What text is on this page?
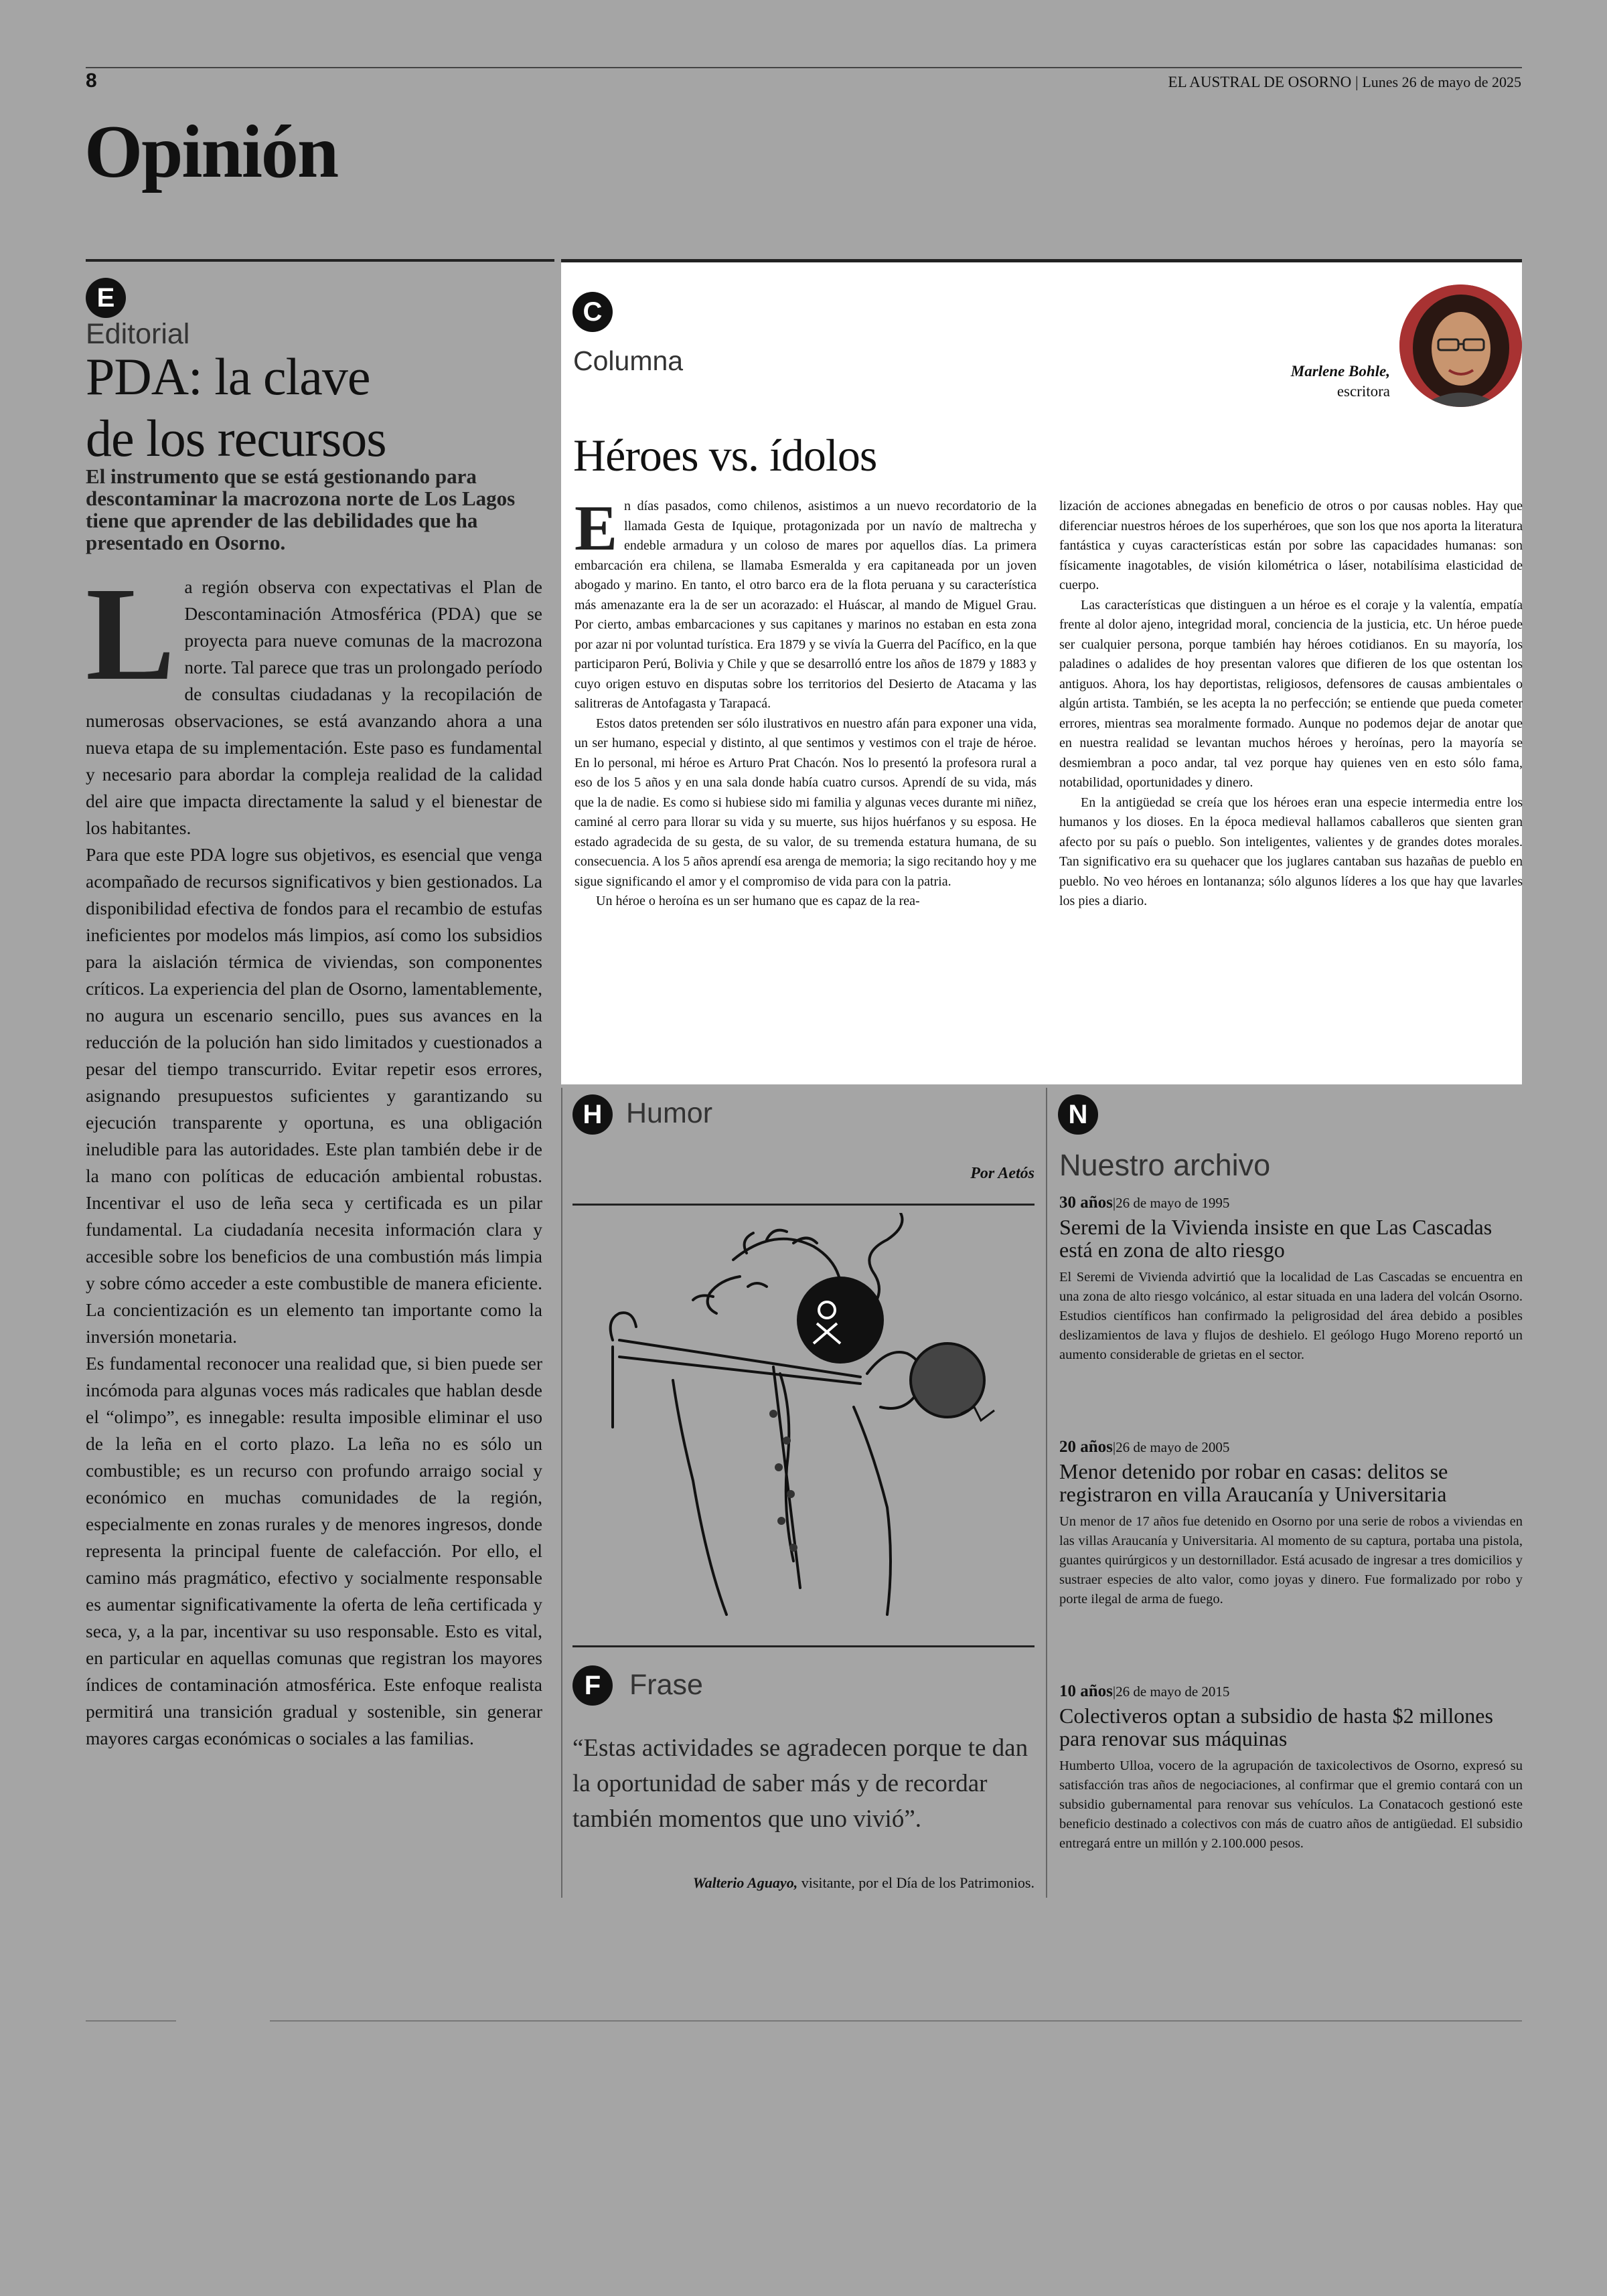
8	EL AUSTRAL DE OSORNO | Lunes 26 de mayo de 2025
Opinión
E
Editorial
PDA: la clave
de los recursos
El instrumento que se está gestionando para descontaminar la macrozona norte de Los Lagos tiene que aprender de las debilidades que ha presentado en Osorno.
L a región observa con expectativas el Plan de Descontaminación Atmosférica (PDA) que se proyecta para nueve comunas de la macrozona norte. Tal parece que tras un prolongado período de consultas ciudadanas y la recopilación de numerosas observaciones, se está avanzando ahora a una nueva etapa de su implementación. Este paso es fundamental y necesario para abordar la compleja realidad de la calidad del aire que impacta directamente la salud y el bienestar de los habitantes.

Para que este PDA logre sus objetivos, es esencial que venga acompañado de recursos significativos y bien gestionados. La disponibilidad efectiva de fondos para el recambio de estufas ineficientes por modelos más limpios, así como los subsidios para la aislación térmica de viviendas, son componentes críticos. La experiencia del plan de Osorno, lamentablemente, no augura un escenario sencillo, pues sus avances en la reducción de la polución han sido limitados y cuestionados a pesar del tiempo transcurrido. Evitar repetir esos errores, asignando presupuestos suficientes y garantizando su ejecución transparente y oportuna, es una obligación ineludible para las autoridades. Este plan también debe ir de la mano con políticas de educación ambiental robustas. Incentivar el uso de leña seca y certificada es un pilar fundamental. La ciudadanía necesita información clara y accesible sobre los beneficios de una combustión más limpia y sobre cómo acceder a este combustible de manera eficiente. La concientización es un elemento tan importante como la inversión monetaria.

Es fundamental reconocer una realidad que, si bien puede ser incómoda para algunas voces más radicales que hablan desde el “olimpo”, es innegable: resulta imposible eliminar el uso de la leña en el corto plazo. La leña no es sólo un combustible; es un recurso con profundo arraigo social y económico en muchas comunidades de la región, especialmente en zonas rurales y de menores ingresos, donde representa la principal fuente de calefacción. Por ello, el camino más pragmático, efectivo y socialmente responsable es aumentar significativamente la oferta de leña certificada y seca, y, a la par, incentivar su uso responsable. Esto es vital, en particular en aquellas comunas que registran los mayores índices de contaminación atmosférica. Este enfoque realista permitirá una transición gradual y sostenible, sin generar mayores cargas económicas o sociales a las familias.

C
Columna	Marlene Bohle,
escritora
Héroes vs. ídolos
E n días pasados, como chilenos, asistimos a un nuevo recordatorio de la llamada Gesta de Iquique, protagonizada por un navío de maltrecha y endeble armadura y un coloso de mares por aquellos días. La primera embarcación era chilena, se llamaba Esmeralda y era capitaneada por un joven abogado y marino. En tanto, el otro barco era de la flota peruana y su característica más amenazante era la de ser un acorazado: el Huáscar, al mando de Miguel Grau. Por cierto, ambas embarcaciones y sus capitanes y marinos no estaban en esta zona por azar ni por voluntad turística. Era 1879 y se vivía la Guerra del Pacífico, en la que participaron Perú, Bolivia y Chile y que se desarrolló entre los años de 1879 y 1883 y cuyo origen estuvo en disputas sobre los territorios del Desierto de Atacama y las salitreras de Antofagasta y Tarapacá.

Estos datos pretenden ser sólo ilustrativos en nuestro afán para exponer una vida, un ser humano, especial y distinto, al que sentimos y vestimos con el traje de héroe. En lo personal, mi héroe es Arturo Prat Chacón. Nos lo presentó la profesora rural a eso de los 5 años y en una sala donde había cuatro cursos. Aprendí de su vida, más que la de nadie. Es como si hubiese sido mi familia y algunas veces durante mi niñez, caminé al cerro para llorar su vida y su muerte, sus hijos huérfanos y su esposa. He estado agradecida de su gesta, de su valor, de su tremenda estatura humana, de su consecuencia. A los 5 años aprendí esa arenga de memoria; la sigo recitando hoy y me sigue significando el amor y el compromiso de vida para con la patria.

Un héroe o heroína es un ser humano que es capaz de la rea-

lización de acciones abnegadas en beneficio de otros o por causas nobles. Hay que diferenciar nuestros héroes de los superhéroes, que son los que nos aporta la literatura fantástica y cuyas características están por sobre las capacidades humanas: son físicamente inagotables, de visión kilométrica o láser, notabilísima elasticidad de cuerpo.

Las características que distinguen a un héroe es el coraje y la valentía, empatía frente al dolor ajeno, integridad moral, conciencia de la justicia, etc. Un héroe puede ser cualquier persona, porque también hay héroes cotidianos. En su mayoría, los paladines o adalides de hoy presentan valores que difieren de los que ostentan los antiguos. Ahora, los hay deportistas, religiosos, defensores de causas ambientales o algún artista. También, se les acepta la no perfección; se entiende que pueda cometer errores, mientras sea moralmente formado. Aunque no podemos dejar de anotar que en nuestra realidad se levantan muchos héroes y heroínas, pero la mayoría se desmiembran a poco andar, tal vez porque hay quienes ven en esto sólo fama, notabilidad, oportunidades y dinero.

En la antigüedad se creía que los héroes eran una especie intermedia entre los humanos y los dioses. En la época medieval hallamos caballeros que sienten gran afecto por su país o pueblo. Son inteligentes, valientes y de grandes dotes morales. Tan significativo era su quehacer que los juglares cantaban sus hazañas de pueblo en pueblo. No veo héroes en lontananza; sólo algunos líderes a los que hay que lavarles los pies a diario.

H Humor
Por Aetós
F Frase
“Estas actividades se agradecen porque te dan la oportunidad de saber más y de recordar también momentos que uno vivió”.
Walterio Aguayo, visitante, por el Día de los Patrimonios.
N
Nuestro archivo
30 años|26 de mayo de 1995
Seremi de la Vivienda insiste en que Las Cascadas está en zona de alto riesgo

El Seremi de Vivienda advirtió que la localidad de Las Cascadas se encuentra en una zona de alto riesgo volcánico, al estar situada en una ladera del volcán Osorno. Estudios científicos han confirmado la peligrosidad del área debido a posibles deslizamientos de lava y flujos de deshielo. El geólogo Hugo Moreno reportó un aumento considerable de grietas en el sector.

20 años|26 de mayo de 2005
Menor detenido por robar en casas: delitos se registraron en villa Araucanía y Universitaria

Un menor de 17 años fue detenido en Osorno por una serie de robos a viviendas en las villas Araucanía y Universitaria. Al momento de su captura, portaba una pistola, guantes quirúrgicos y un destornillador. Está acusado de ingresar a tres domicilios y sustraer especies de alto valor, como joyas y dinero. Fue formalizado por robo y porte ilegal de arma de fuego.

10 años|26 de mayo de 2015
Colectiveros optan a subsidio de hasta $2 millones para renovar sus máquinas

Humberto Ulloa, vocero de la agrupación de taxicolectivos de Osorno, expresó su satisfacción tras años de negociaciones, al confirmar que el gremio contará con un subsidio gubernamental para renovar sus vehículos. La Conatacoch gestionó este beneficio destinado a colectivos con más de cuatro años de antigüedad. El subsidio entregará entre un millón y 2.100.000 pesos.
